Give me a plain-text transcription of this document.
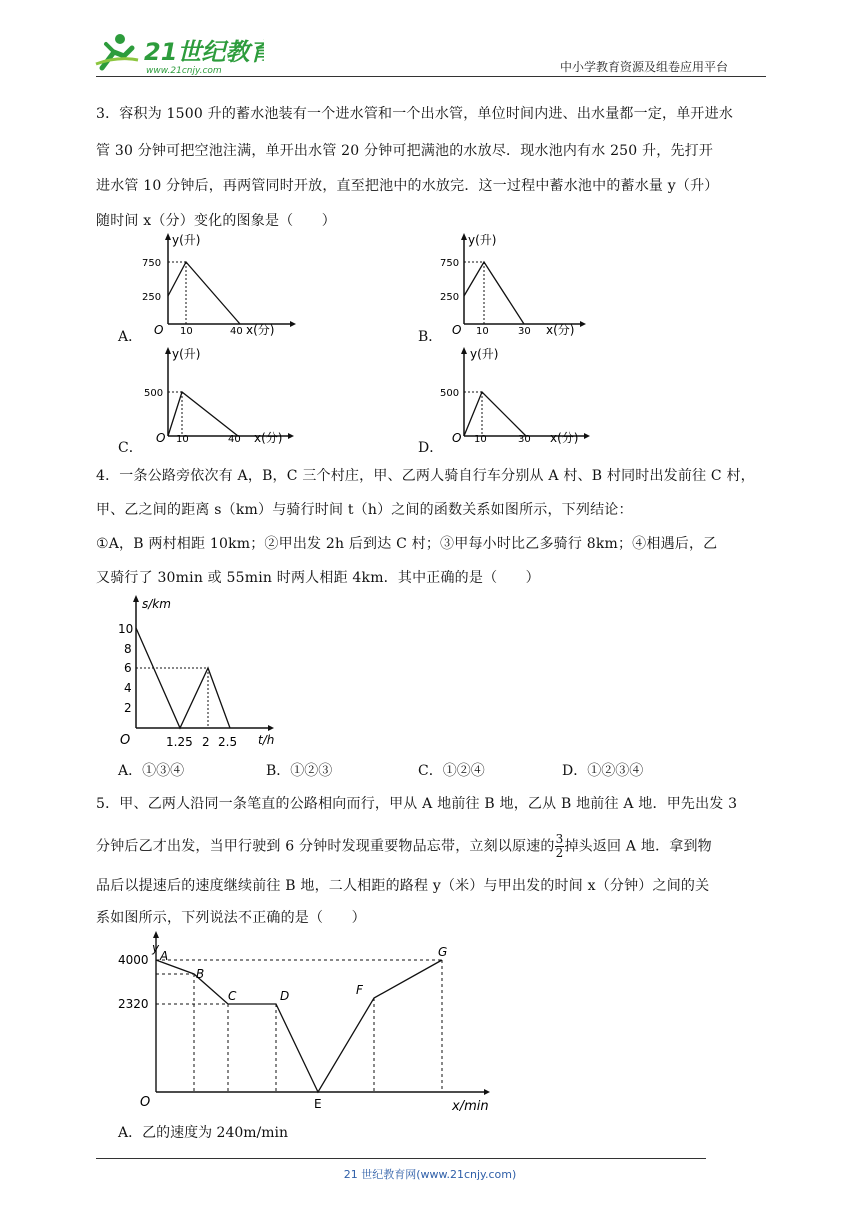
21世纪教育
www.21cnjy.com	中小学教育资源及组卷应用平台
3．容积为 1500 升的蓄水池装有一个进水管和一个出水管，单位时间内进、出水量都一定，单开进水
管 30 分钟可把空池注满，单开出水管 20 分钟可把满池的水放尽．现水池内有水 250 升，先打开
进水管 10 分钟后，再两管同时开放，直至把池中的水放完．这一过程中蓄水池中的蓄水量 y（升）
随时间 x（分）变化的图象是（　　）
A．
y(升)
x(分)
750
250
10	40
O	B．
y(升)
x(分)
750
250
10	30
O
C．
y(升)
x(分)
500
10	40
O
D．
y(升)
x(分)
500
10	30
O
4．一条公路旁依次有 A，B，C 三个村庄，甲、乙两人骑自行车分别从 A 村、B 村同时出发前往 C 村，
甲、乙之间的距离 s（km）与骑行时间 t（h）之间的函数关系如图所示，下列结论：
①A，B 两村相距 10km；②甲出发 2h 后到达 C 村；③甲每小时比乙多骑行 8km；④相遇后，乙
又骑行了 30min 或 55min 时两人相距 4km．其中正确的是（　　）
s/km
t/h
10
8
6
4
2
1.25 2 2.5
O
A．①③④	B．①②③	C．①②④	D．①②③④
5．甲、乙两人沿同一条笔直的公路相向而行，甲从 A 地前往 B 地，乙从 B 地前往 A 地．甲先出发 3
分钟后乙才出发，当甲行驶到 6 分钟时发现重要物品忘带，立刻以原速的 $\frac{3}{2}$ 掉头返回 A 地．拿到物
品后以提速后的速度继续前往 B 地，二人相距的路程 y（米）与甲出发的时间 x（分钟）之间的关
系如图所示，下列说法不正确的是（　　）
y
x/min
4000
2320
O
A
B
C	D
E
F
G
A．乙的速度为 240m/min
21 世纪教育网(www.21cnjy.com)
